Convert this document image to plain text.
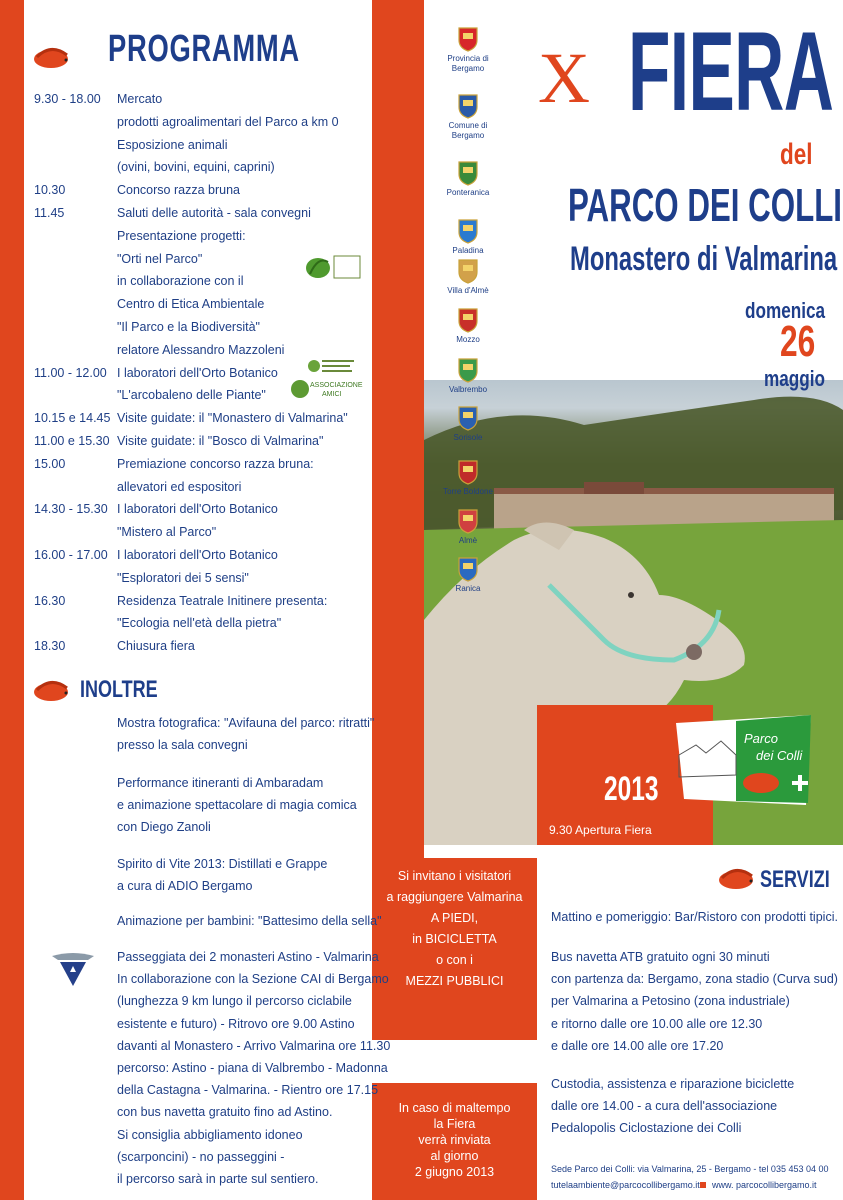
PROGRAMMA
9.30 - 18.00	Mercato
prodotti agroalimentari del Parco a km 0
Esposizione animali
(ovini, bovini, equini, caprini)
10.30	Concorso razza bruna
11.45	Saluti delle autorità - sala convegni
Presentazione progetti:
"Orti nel Parco"
in collaborazione con il
Centro di Etica Ambientale
"Il Parco e la Biodiversità"
relatore Alessandro Mazzoleni
11.00 - 12.00 I laboratori dell'Orto Botanico
"L'arcobaleno delle Piante"
10.15 e 14.45 Visite guidate: il "Monastero di Valmarina"
11.00 e 15.30 Visite guidate: il "Bosco di Valmarina"
15.00	Premiazione concorso razza bruna:
allevatori ed espositori
14.30 - 15.30 I laboratori dell'Orto Botanico
"Mistero al Parco"
16.00 - 17.00 I laboratori dell'Orto Botanico
"Esploratori dei 5 sensi"
16.30	Residenza Teatrale Initinere presenta:
"Ecologia nell'età della pietra"
18.30	Chiusura fiera
INOLTRE
Mostra fotografica: "Avifauna del parco: ritratti"
presso la sala convegni
Performance itineranti di Ambaradam
e animazione spettacolare di magia comica
con Diego Zanoli
Spirito di Vite 2013: Distillati e Grappe
a cura di ADIO Bergamo
Animazione per bambini: "Battesimo della sella"
Passeggiata dei 2 monasteri Astino - Valmarina
In collaborazione con la Sezione CAI di Bergamo
(lunghezza 9 km lungo il percorso ciclabile
esistente e futuro) - Ritrovo ore 9.00 Astino
davanti al Monastero - Arrivo Valmarina ore 11.30
percorso: Astino - piana di Valbrembo - Madonna
della Castagna - Valmarina. - Rientro ore 17.15
con bus navetta gratuito fino ad Astino.
Si consiglia abbigliamento idoneo
(scarponcini) - no passeggini -
il percorso sarà in parte sul sentiero.
ASSOCIAZIONE
AMICI
Provincia di Bergamo
Comune di Bergamo
Ponteranica
Paladina
Villa d'Almè
Mozzo
Valbrembo
Sorisole
Torre Boldone
Almè
Ranica
X FIERA
del
PARCO DEI COLLI
Monastero di Valmarina
domenica
26
maggio
Parco
dei Colli
2013
9.30 Apertura Fiera
Si invitano i visitatori
a raggiungere Valmarina
A PIEDI,
in BICICLETTA
o con i
MEZZI PUBBLICI
In caso di maltempo
la Fiera
verrà rinviata
al giorno
2 giugno 2013
SERVIZI
Mattino e pomeriggio: Bar/Ristoro con prodotti tipici.
Bus navetta ATB gratuito ogni 30 minuti
con partenza da: Bergamo, zona stadio (Curva sud)
per Valmarina a Petosino (zona industriale)
e ritorno dalle ore 10.00 alle ore 12.30
e dalle ore 14.00 alle ore 17.20
Custodia, assistenza e riparazione biciclette
dalle ore 14.00 - a cura dell'associazione
Pedalopolis Ciclostazione dei Colli
Sede Parco dei Colli: via Valmarina, 25 - Bergamo - tel 035 453 04 00
tutelaambiente@parcocollibergamo.it www. parcocollibergamo.it
